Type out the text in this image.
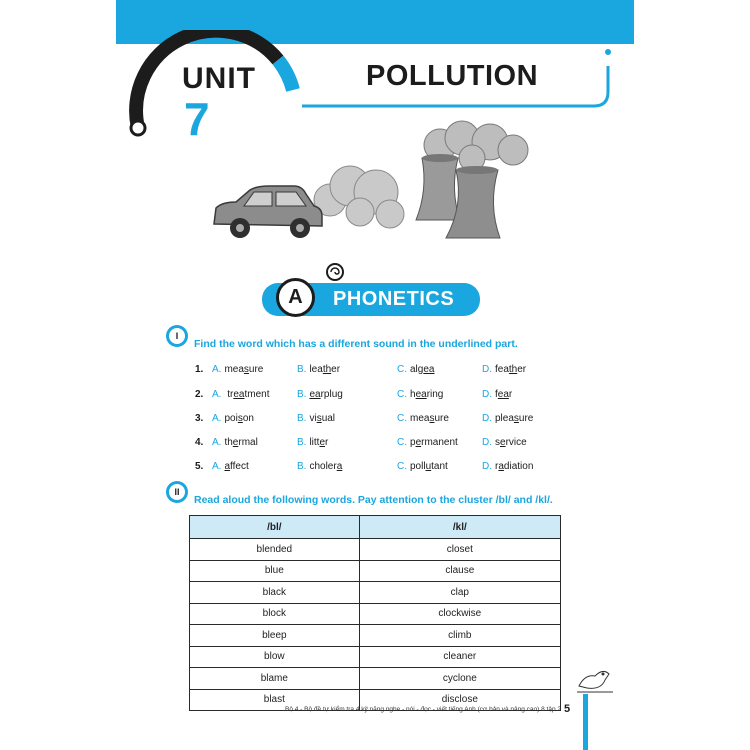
UNIT
7
POLLUTION
A	PHONETICS
I
Find the word which has a different sound in the underlined part.
1. A. measure	B. leather	C. algea	D. feather
2. A. treatment	B. earplug	C. hearing	D. fear
3. A. poison	B. visual	C. measure	D. pleasure
4. A. thermal	B. litter	C. permanent D. service
5. A. affect	B. cholera	C. pollutant	D. radiation
II
Read aloud the following words. Pay attention to the cluster /bl/ and /kl/.
/bl/	/kl/
blended	closet
blue	clause
black	clap
block	clockwise
bleep	climb
blow	cleaner
blame	cyclone
blast	disclose
Bộ 4 - Bộ đề tự kiểm tra 4 kỹ năng nghe - nói - đọc - viết tiếng Anh (cơ bản và nâng cao) 8 tập 2 5
